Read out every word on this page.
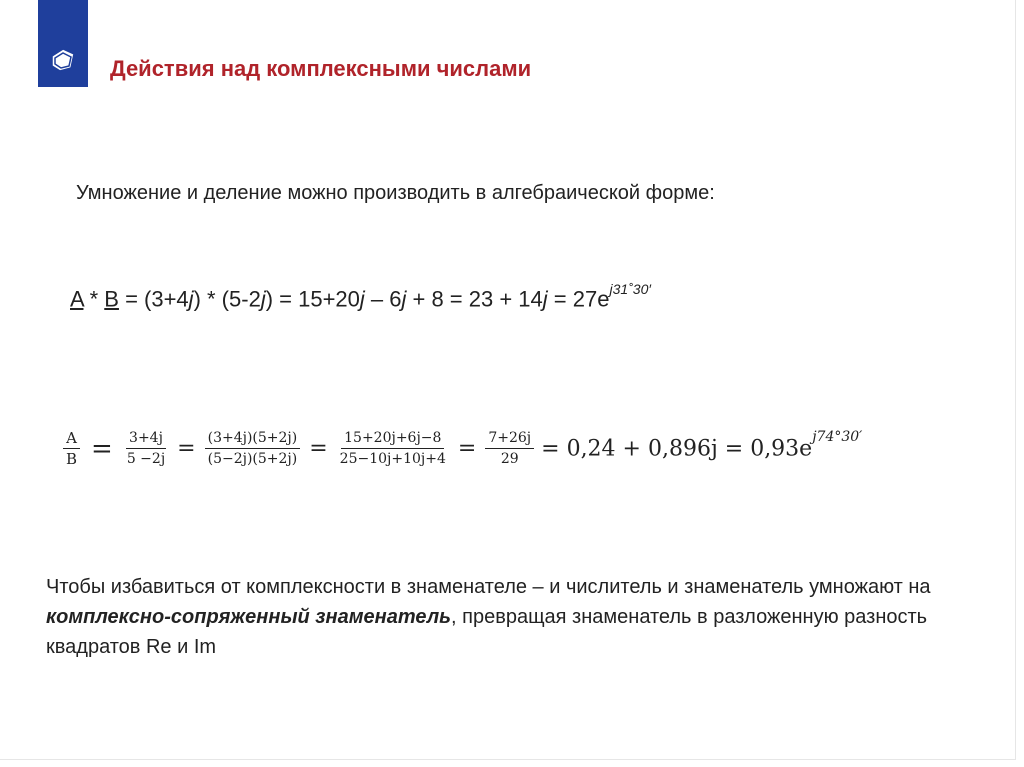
Действия над комплексными числами
Умножение и деление можно производить в алгебраической форме:
$A * B = (3+4j) * (5-2j) = 15+20j - 6j + 8 = 23 + 14j = 27e^{j31˚30'}$
$\frac{A}{B} = \frac{3+4j}{5 -2j} = \frac{(3+4j)(5+2j)}{(5-2j)(5+2j)} = \frac{15+20j+6j-8}{25-10j+10j+4} = \frac{7+26j}{29} = 0,24 + 0,896j = 0,93e^{j74^\circ 30'}$
Чтобы избавиться от комплексности в знаменателе – и числитель и знаменатель умножают на комплексно-сопряженный знаменатель, превращая знаменатель в разложенную разность квадратов Re и Im
